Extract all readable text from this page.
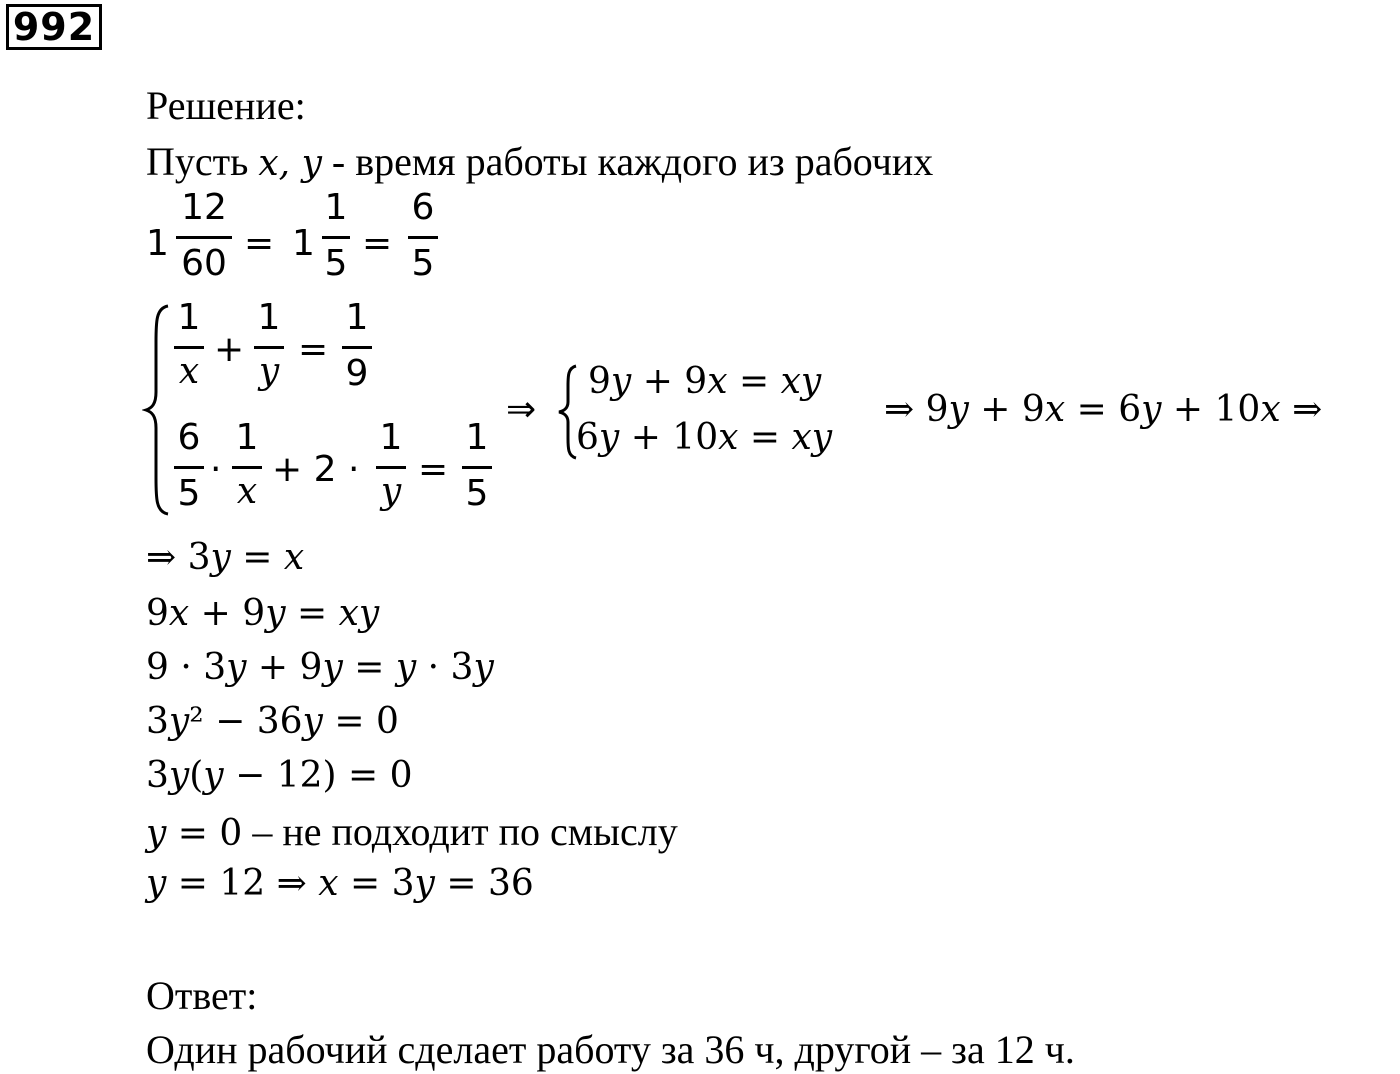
992
Решение:
Пусть x, y - время работы каждого из рабочих
1
12
60 = 1
1
5 =
6
5
1
x
+
1
y
=
1
9
6
5
·
1
x
+ 2 ·
1
y
=
1
5
⇒
9y + 9x = xy
6y + 10x = xy
⇒ 9y + 9x = 6y + 10x ⇒
⇒ 3y = x
9x + 9y = xy
9 · 3y + 9y = y · 3y
3y² − 36y = 0
3y(y − 12) = 0
y = 0 – не подходит по смыслу
y = 12 ⇒ x = 3y = 36
Ответ:
Один рабочий сделает работу за 36 ч, другой – за 12 ч.
